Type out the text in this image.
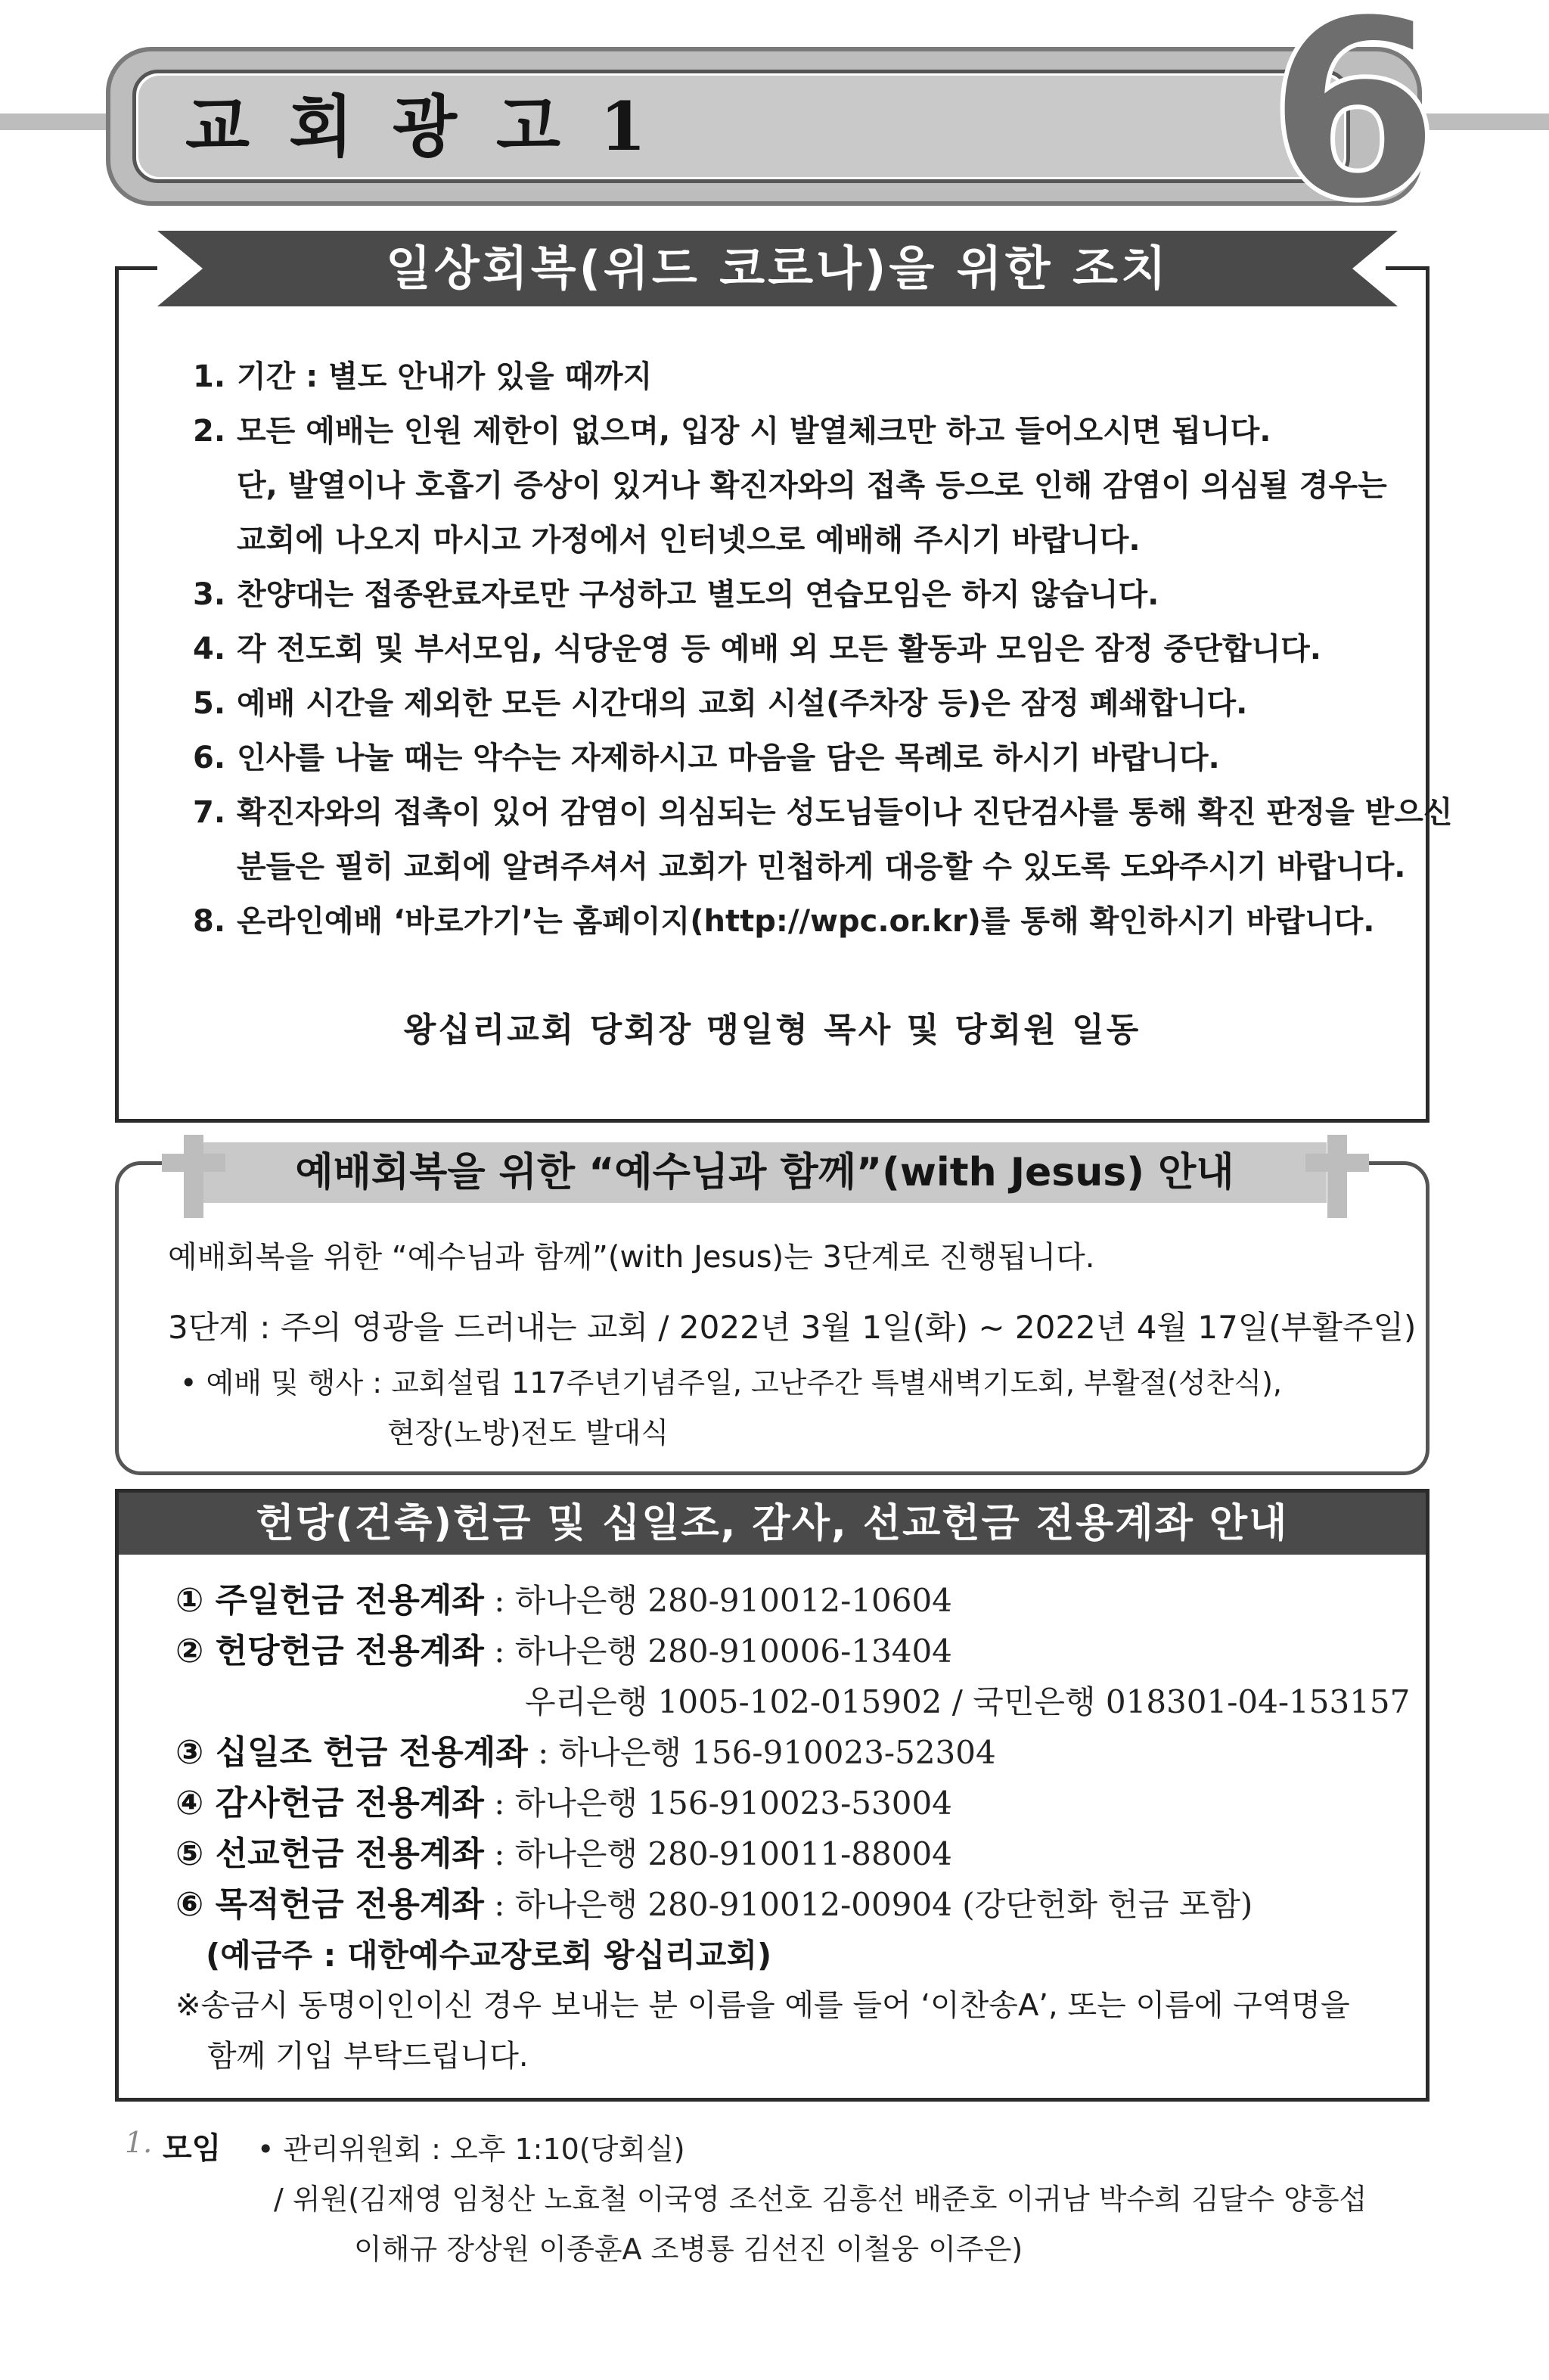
교회광고1 6
일상회복(위드 코로나)을 위한 조치
1. 기간 : 별도 안내가 있을 때까지
2. 모든 예배는 인원 제한이 없으며, 입장 시 발열체크만 하고 들어오시면 됩니다.
단, 발열이나 호흡기 증상이 있거나 확진자와의 접촉 등으로 인해 감염이 의심될 경우는
교회에 나오지 마시고 가정에서 인터넷으로 예배해 주시기 바랍니다.
3. 찬양대는 접종완료자로만 구성하고 별도의 연습모임은 하지 않습니다.
4. 각 전도회 및 부서모임, 식당운영 등 예배 외 모든 활동과 모임은 잠정 중단합니다.
5. 예배 시간을 제외한 모든 시간대의 교회 시설(주차장 등)은 잠정 폐쇄합니다.
6. 인사를 나눌 때는 악수는 자제하시고 마음을 담은 목례로 하시기 바랍니다.
7. 확진자와의 접촉이 있어 감염이 의심되는 성도님들이나 진단검사를 통해 확진 판정을 받으신
분들은 필히 교회에 알려주셔서 교회가 민첩하게 대응할 수 있도록 도와주시기 바랍니다.
8. 온라인예배 ‘바로가기’는 홈페이지(http://wpc.or.kr)를 통해 확인하시기 바랍니다.
왕십리교회 당회장 맹일형 목사 및 당회원 일동
예배회복을 위한 “예수님과 함께”(with Jesus) 안내
예배회복을 위한 “예수님과 함께”(with Jesus)는 3단계로 진행됩니다.
3단계 : 주의 영광을 드러내는 교회 / 2022년 3월 1일(화) ~ 2022년 4월 17일(부활주일)
• 예배 및 행사 : 교회설립 117주년기념주일, 고난주간 특별새벽기도회, 부활절(성찬식),
현장(노방)전도 발대식
헌당(건축)헌금 및 십일조, 감사, 선교헌금 전용계좌 안내
① 주일헌금 전용계좌 : 하나은행 280-910012-10604
② 헌당헌금 전용계좌 : 하나은행 280-910006-13404
우리은행 1005-102-015902 / 국민은행 018301-04-153157
③ 십일조 헌금 전용계좌 : 하나은행 156-910023-52304
④ 감사헌금 전용계좌 : 하나은행 156-910023-53004
⑤ 선교헌금 전용계좌 : 하나은행 280-910011-88004
⑥ 목적헌금 전용계좌 : 하나은행 280-910012-00904 (강단헌화 헌금 포함)
(예금주 : 대한예수교장로회 왕십리교회)
※송금시 동명이인이신 경우 보내는 분 이름을 예를 들어 ‘이찬송A’, 또는 이름에 구역명을
함께 기입 부탁드립니다.
1. 모임 • 관리위원회 : 오후 1:10(당회실)
/ 위원(김재영 임청산 노효철 이국영 조선호 김흥선 배준호 이귀남 박수희 김달수 양흥섭
이해규 장상원 이종훈A 조병룡 김선진 이철웅 이주은)
